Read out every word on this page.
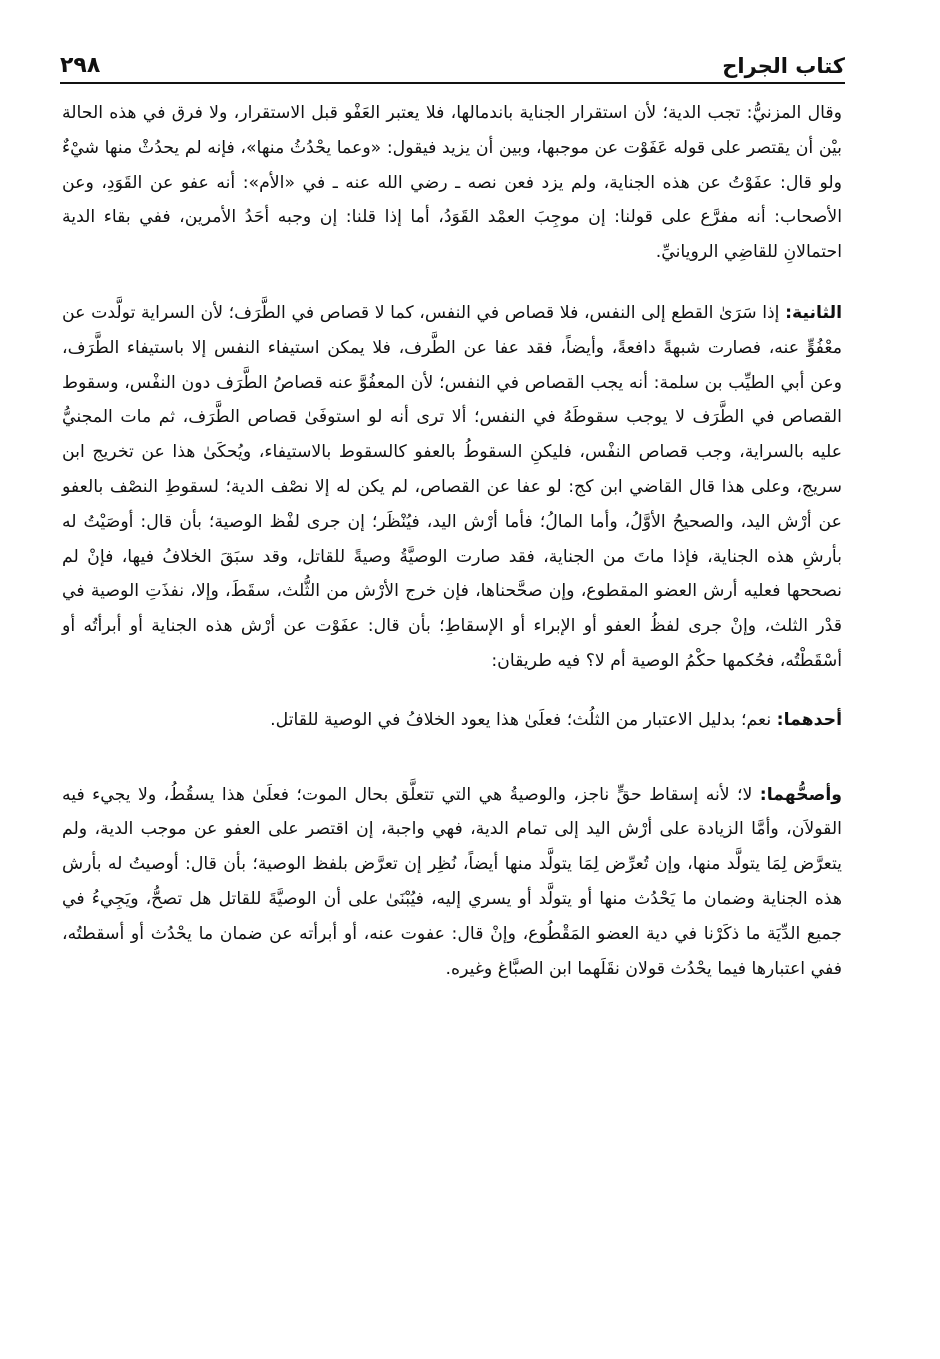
كتاب الجراح
٢٩٨

وقال المزنيُّ: تجب الدية؛ لأن استقرار الجناية باندمالها، فلا يعتبر العَفْو قبل الاستقرار، ولا فرق في هذه الحالة بيْن أن يقتصر على قوله عَفَوْت عن موجبها، وبين أن يزيد فيقول: «وعما يحْدُثُ منها»، فإنه لم يحدُثْ منها شيْءٌ ولو قال: عفَوْتُ عن هذه الجناية، ولم يزد فعن نصه ـ رضي الله عنه ـ في «الأم»: أنه عفو عن القَوَدِ، وعن الأصحاب: أنه مفرَّع على قولنا: إن موجِبَ العمْد القَوَدُ، أما إذا قلنا: إن وجبه أحَدُ الأمرين، ففي بقاء الدية احتمالانِ للقاضِي الرويانيِّ.

الثانية: إذا سَرَىٰ القطع إلى النفس، فلا قصاص في النفس، كما لا قصاص في الطَّرَف؛ لأن السراية تولَّدت عن معْفُوٍّ عنه، فصارت شبهةً دافعةً، وأيضاً، فقد عفا عن الطَّرف، فلا يمكن استيفاء النفس إلا باستيفاء الطَّرَف، وعن أبي الطيِّب بن سلمة: أنه يجب القصاص في النفس؛ لأن المعفُوَّ عنه قصاصُ الطَّرَف دون النفْس، وسقوط القصاص في الطَّرَف لا يوجب سقوطَهُ في النفس؛ ألا ترى أنه لو استوفَىٰ قصاص الطَّرَف، ثم مات المجنيُّ عليه بالسراية، وجب قصاص النفْس، فليكنِ السقوطُ بالعفو كالسقوط بالاستيفاء، ويُحكَىٰ هذا عن تخريج ابن سريج، وعلى هذا قال القاضي ابن كج: لو عفا عن القصاص، لم يكن له إلا نصْف الدية؛ لسقوطِ النصْف بالعفو عن أرْش اليد، والصحيحُ الأوَّلُ، وأما المالُ؛ فأما أرْش اليد، فيُنْظَر؛ إن جرى لفْظ الوصية؛ بأن قال: أوصَيْتُ له بأرشِ هذه الجناية، فإذا ماتَ من الجناية، فقد صارت الوصيَّةُ وصيةً للقاتل، وقد سبَقَ الخلافُ فيها، فإنْ لم نصححها فعليه أرش العضو المقطوع، وإن صحَّحناها، فإن خرج الأرْش من الثُّلث، سقَطَ، وإلا، نفذَتِ الوصية في قدْر الثلث، وإنْ جرى لفظُ العفو أو الإبراء أو الإسقاطِ؛ بأن قال: عفَوْت عن أرْش هذه الجناية أو أبرأتُه أو أسْقَطْتُه، فحُكمها حكْمُ الوصية أم لا؟ فيه طريقان:

أحدهما: نعم؛ بدليل الاعتبار من الثلُث؛ فعلَىٰ هذا يعود الخلافُ في الوصية للقاتل.

وأصحُّهما: لا؛ لأنه إسقاط حقٍّ ناجز، والوصيةُ هي التي تتعلَّق بحال الموت؛ فعلَىٰ هذا يسقُطُ، ولا يجيء فيه القولاَن، وأمَّا الزيادة على أرْش اليد إلى تمام الدية، فهي واجبة، إن اقتصر على العفو عن موجب الدية، ولم يتعرَّض لِمَا يتولَّد منها، وإن تُعرِّض لِمَا يتولَّد منها أيضاً، نُظِر إن تعرَّض بلفظ الوصية؛ بأن قال: أوصيتُ له بأرش هذه الجناية وضمان ما يَحْدُث منها أو يتولَّد أو يسري إليه، فيُبْنَىٰ على أن الوصيَّةَ للقاتل هل تصحُّ، ويَجِيءُ في جميع الدِّيَة ما ذكَرْنا في دية العضو المَقْطُوع، وإنْ قال: عفوت عنه، أو أبرأته عن ضمان ما يحْدُث أو أسقطتُه، ففي اعتبارها فيما يحْدُث قولان نقَلَهما ابن الصبَّاغ وغيره.
